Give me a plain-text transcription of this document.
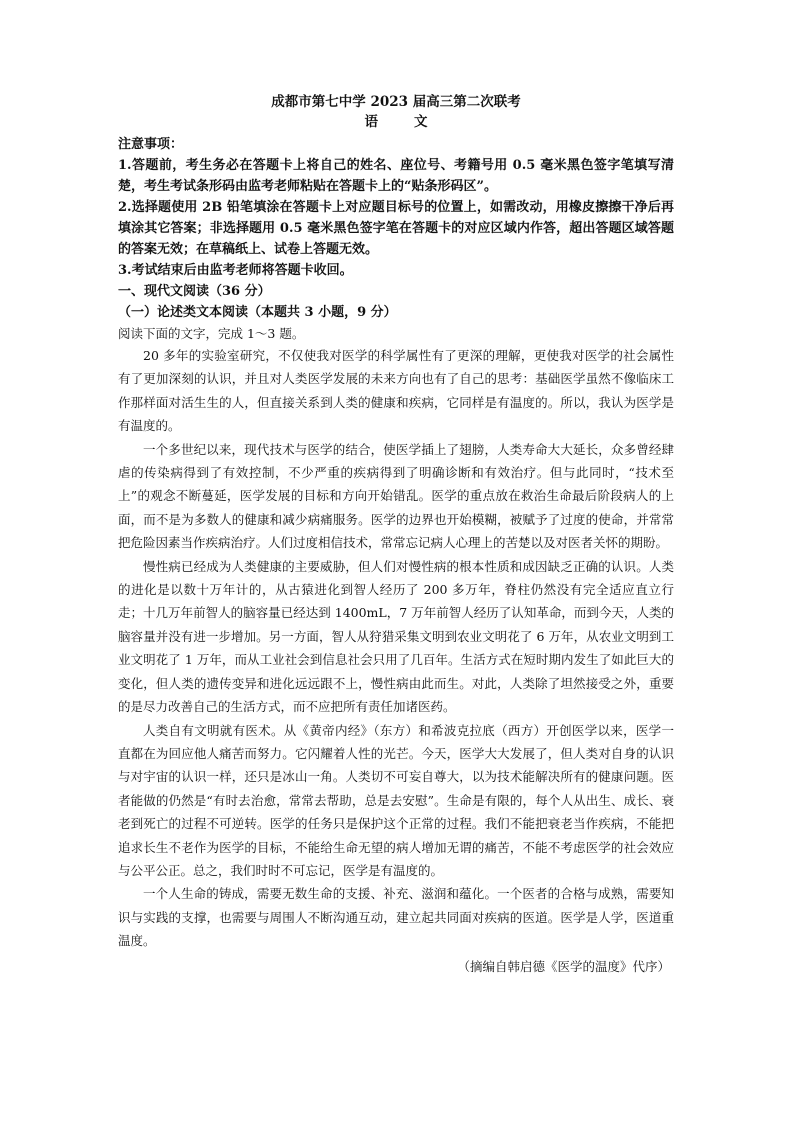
成都市第七中学 2023 届高三第二次联考

语文

注意事项：

1.答题前，考生务必在答题卡上将自己的姓名、座位号、考籍号用 0.5 毫米黑色签字笔填写清楚，考生考试条形码由监考老师粘贴在答题卡上的“贴条形码区”。

2.选择题使用 2B 铅笔填涂在答题卡上对应题目标号的位置上，如需改动，用橡皮擦擦干净后再填涂其它答案；非选择题用 0.5 毫米黑色签字笔在答题卡的对应区域内作答，超出答题区域答题的答案无效；在草稿纸上、试卷上答题无效。

3.考试结束后由监考老师将答题卡收回。

一、现代文阅读（36 分）

（一）论述类文本阅读（本题共 3 小题，9 分）

阅读下面的文字，完成 1～3 题。

20 多年的实验室研究，不仅使我对医学的科学属性有了更深的理解，更使我对医学的社会属性有了更加深刻的认识，并且对人类医学发展的未来方向也有了自己的思考：基础医学虽然不像临床工作那样面对活生生的人，但直接关系到人类的健康和疾病，它同样是有温度的。所以，我认为医学是有温度的。

一个多世纪以来，现代技术与医学的结合，使医学插上了翅膀，人类寿命大大延长，众多曾经肆虐的传染病得到了有效控制，不少严重的疾病得到了明确诊断和有效治疗。但与此同时，“技术至上”的观念不断蔓延，医学发展的目标和方向开始错乱。医学的重点放在救治生命最后阶段病人的上面，而不是为多数人的健康和减少病痛服务。医学的边界也开始模糊，被赋予了过度的使命，并常常把危险因素当作疾病治疗。人们过度相信技术，常常忘记病人心理上的苦楚以及对医者关怀的期盼。

慢性病已经成为人类健康的主要威胁，但人们对慢性病的根本性质和成因缺乏正确的认识。人类的进化是以数十万年计的，从古猿进化到智人经历了 200 多万年，脊柱仍然没有完全适应直立行走；十几万年前智人的脑容量已经达到 1400mL，7 万年前智人经历了认知革命，而到今天，人类的脑容量并没有进一步增加。另一方面，智人从狩猎采集文明到农业文明花了 6 万年，从农业文明到工业文明花了 1 万年，而从工业社会到信息社会只用了几百年。生活方式在短时期内发生了如此巨大的变化，但人类的遗传变异和进化远远跟不上，慢性病由此而生。对此，人类除了坦然接受之外，重要的是尽力改善自己的生活方式，而不应把所有责任加诸医药。

人类自有文明就有医术。从《黄帝内经》（东方）和希波克拉底（西方）开创医学以来，医学一直都在为回应他人痛苦而努力。它闪耀着人性的光芒。今天，医学大大发展了，但人类对自身的认识与对宇宙的认识一样，还只是冰山一角。人类切不可妄自尊大，以为技术能解决所有的健康问题。医者能做的仍然是“有时去治愈，常常去帮助，总是去安慰”。生命是有限的，每个人从出生、成长、衰老到死亡的过程不可逆转。医学的任务只是保护这个正常的过程。我们不能把衰老当作疾病，不能把追求长生不老作为医学的目标，不能给生命无望的病人增加无谓的痛苦，不能不考虑医学的社会效应与公平公正。总之，我们时时不可忘记，医学是有温度的。

一个人生命的铸成，需要无数生命的支援、补充、滋润和蕴化。一个医者的合格与成熟，需要知识与实践的支撑，也需要与周围人不断沟通互动，建立起共同面对疾病的医道。医学是人学，医道重温度。

（摘编自韩启德《医学的温度》代序）
